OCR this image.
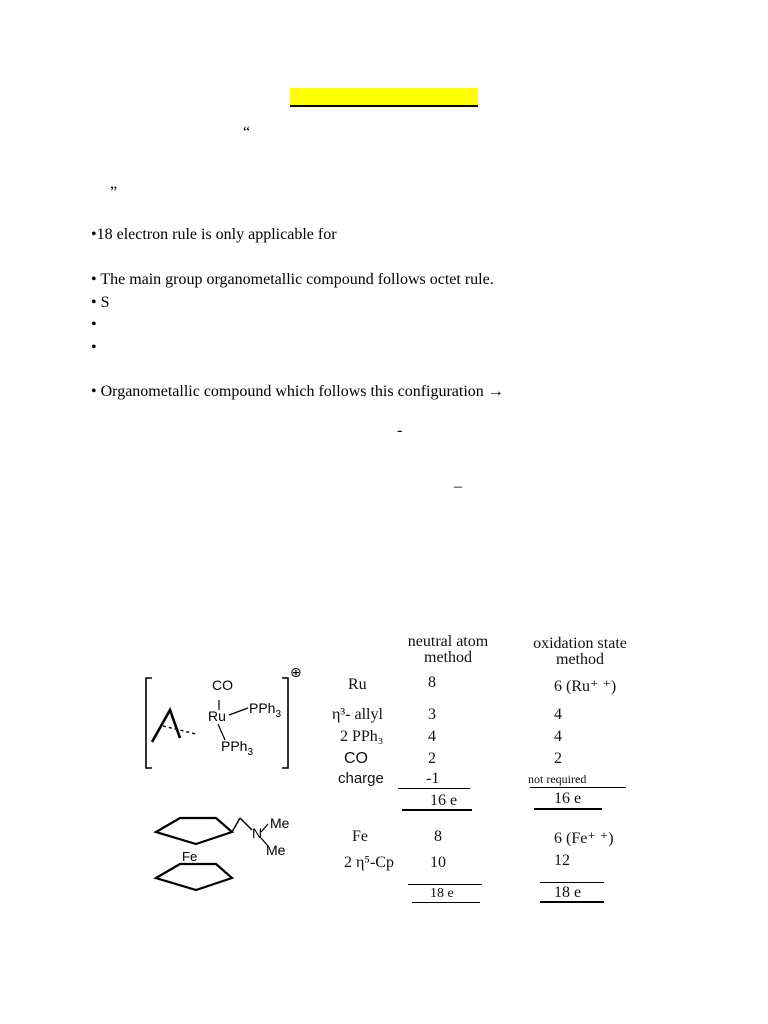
“
”
•18 electron rule is only applicable for
• The main group organometallic compound follows octet rule.
• S
•
•
• Organometallic compound which follows this configuration →
-
–
neutral atom
method
oxidation state
method
CO
Ru PPh$_3$
PPh$_3$
⊕
Ru	8	6 (Ru⁺ ⁺)
η³- allyl	3	4
2 PPh₃	4	4
CO	2	2
charge	-1	not required
16 e	16 e
N
Me
Me
Fe
Fe	8	6 (Fe⁺ ⁺)
2 η⁵-Cp 10	12
18 e	18 e
